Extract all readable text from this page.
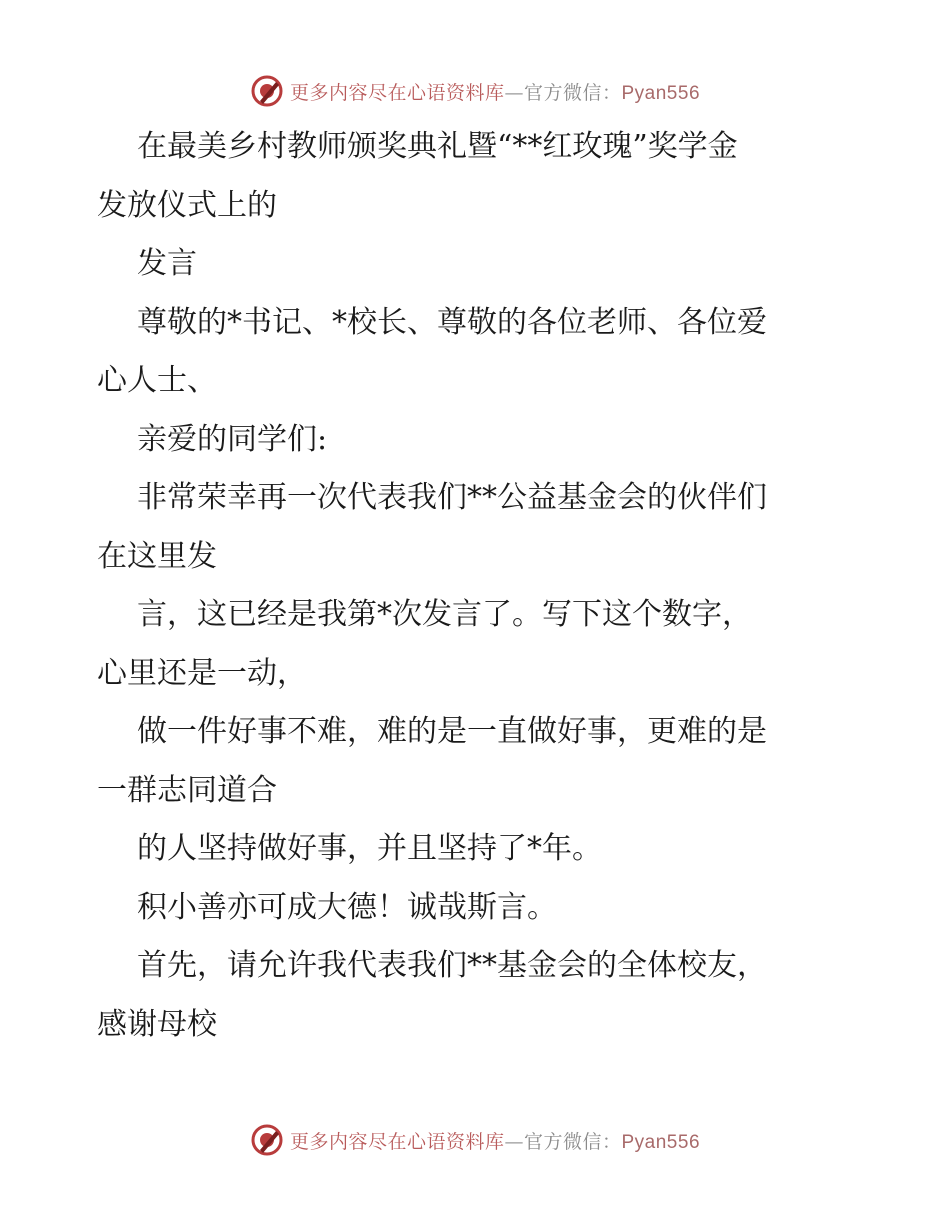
更多内容尽在心语资料库—官方微信：Pyan556

在最美乡村教师颁奖典礼暨“**红玫瑰”奖学金

发放仪式上的

发言

尊敬的*书记、*校长、尊敬的各位老师、各位爱

心人士、

亲爱的同学们:

非常荣幸再一次代表我们**公益基金会的伙伴们

在这里发

言，这已经是我第*次发言了。写下这个数字，

心里还是一动，

做一件好事不难，难的是一直做好事，更难的是

一群志同道合

的人坚持做好事，并且坚持了*年。

积小善亦可成大德！诚哉斯言。

首先，请允许我代表我们**基金会的全体校友，

感谢母校

更多内容尽在心语资料库—官方微信：Pyan556
